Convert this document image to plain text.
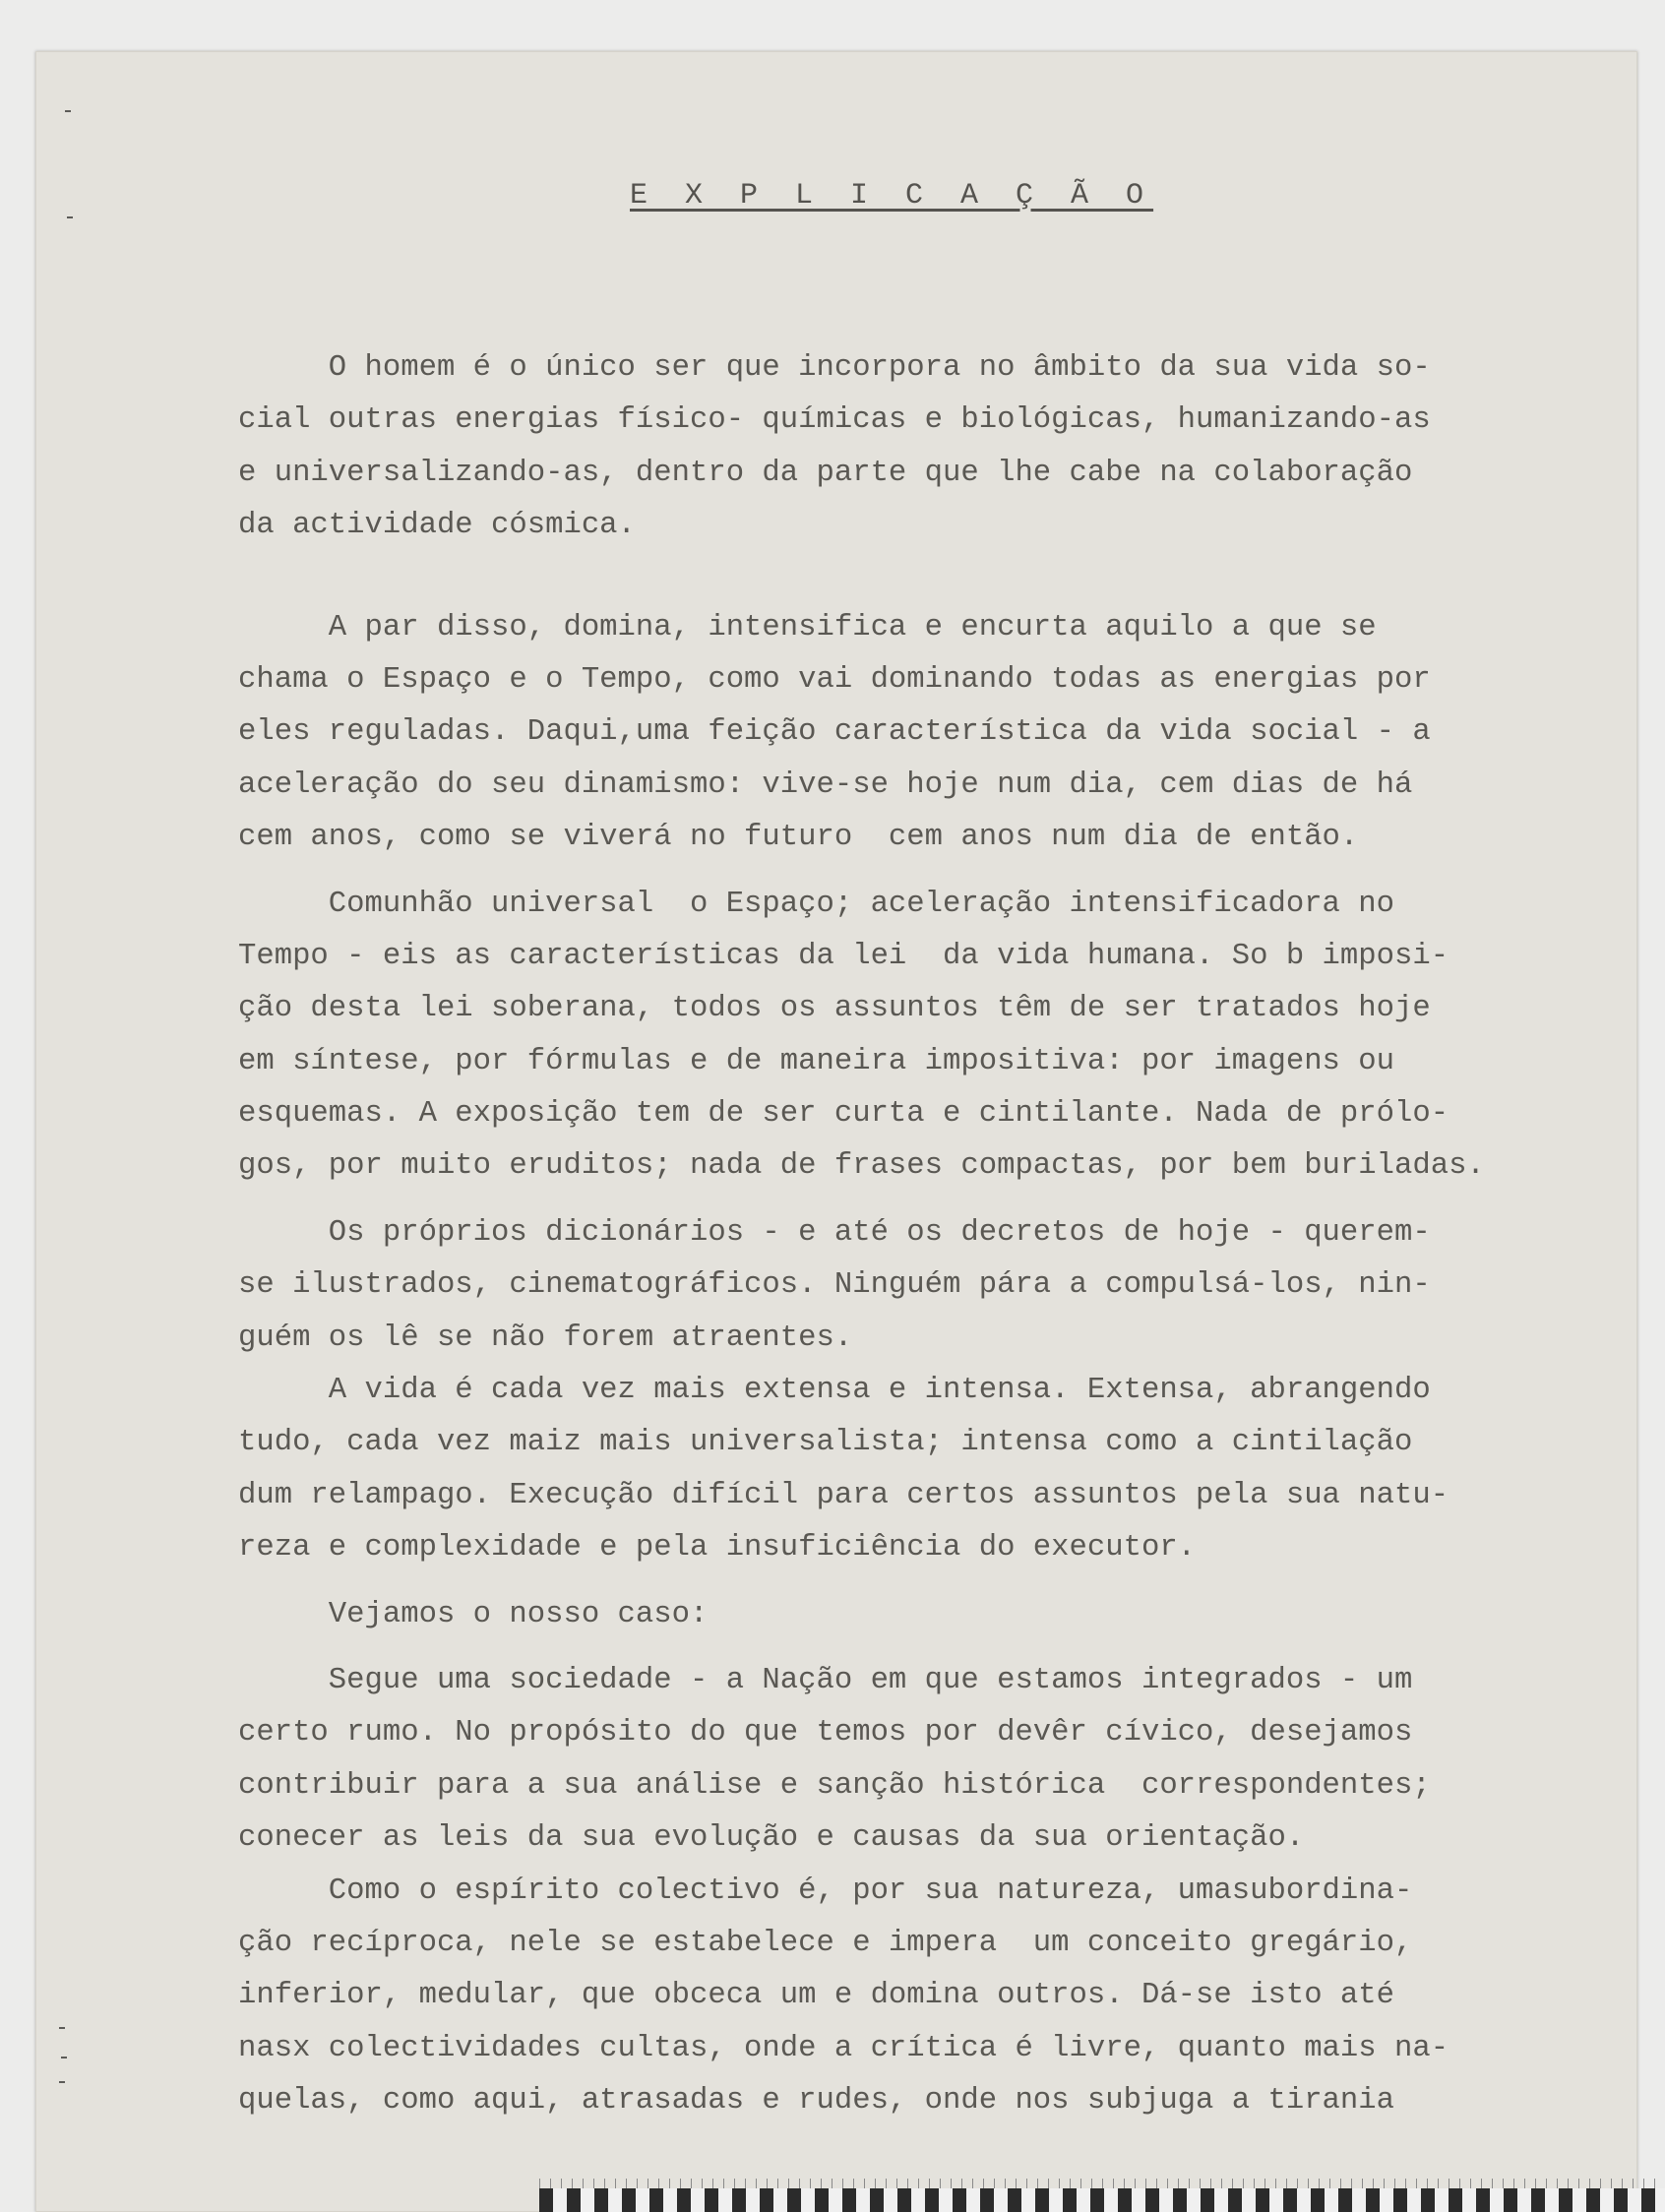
E X P L I C A Ç Ã O

O homem é o único ser que incorpora no âmbito da sua vida so-

cial outras energias físico- químicas e biológicas, humanizando-as

e universalizando-as, dentro da parte que lhe cabe na colaboração

da actividade cósmica.

A par disso, domina, intensifica e encurta aquilo a que se

chama o Espaço e o Tempo, como vai dominando todas as energias por

eles reguladas. Daqui,uma feição característica da vida social - a

aceleração do seu dinamismo: vive-se hoje num dia, cem dias de há

cem anos, como se viverá no futuro  cem anos num dia de então.

Comunhão universal  o Espaço; aceleração intensificadora no

Tempo - eis as características da lei  da vida humana. So b imposi-

ção desta lei soberana, todos os assuntos têm de ser tratados hoje

em síntese, por fórmulas e de maneira impositiva: por imagens ou

esquemas. A exposição tem de ser curta e cintilante. Nada de prólo-

gos, por muito eruditos; nada de frases compactas, por bem buriladas.

Os próprios dicionários - e até os decretos de hoje - querem-

se ilustrados, cinematográficos. Ninguém pára a compulsá-los, nin-

guém os lê se não forem atraentes.

A vida é cada vez mais extensa e intensa. Extensa, abrangendo

tudo, cada vez maiz mais universalista; intensa como a cintilação

dum relampago. Execução difícil para certos assuntos pela sua natu-

reza e complexidade e pela insuficiência do executor.

Vejamos o nosso caso:

Segue uma sociedade - a Nação em que estamos integrados - um

certo rumo. No propósito do que temos por devêr cívico, desejamos

contribuir para a sua análise e sanção histórica  correspondentes;

conecer as leis da sua evolução e causas da sua orientação.

Como o espírito colectivo é, por sua natureza, umasubordina-

ção recíproca, nele se estabelece e impera  um conceito gregário,

inferior, medular, que obceca um e domina outros. Dá-se isto até

nasx colectividades cultas, onde a crítica é livre, quanto mais na-

quelas, como aqui, atrasadas e rudes, onde nos subjuga a tirania
